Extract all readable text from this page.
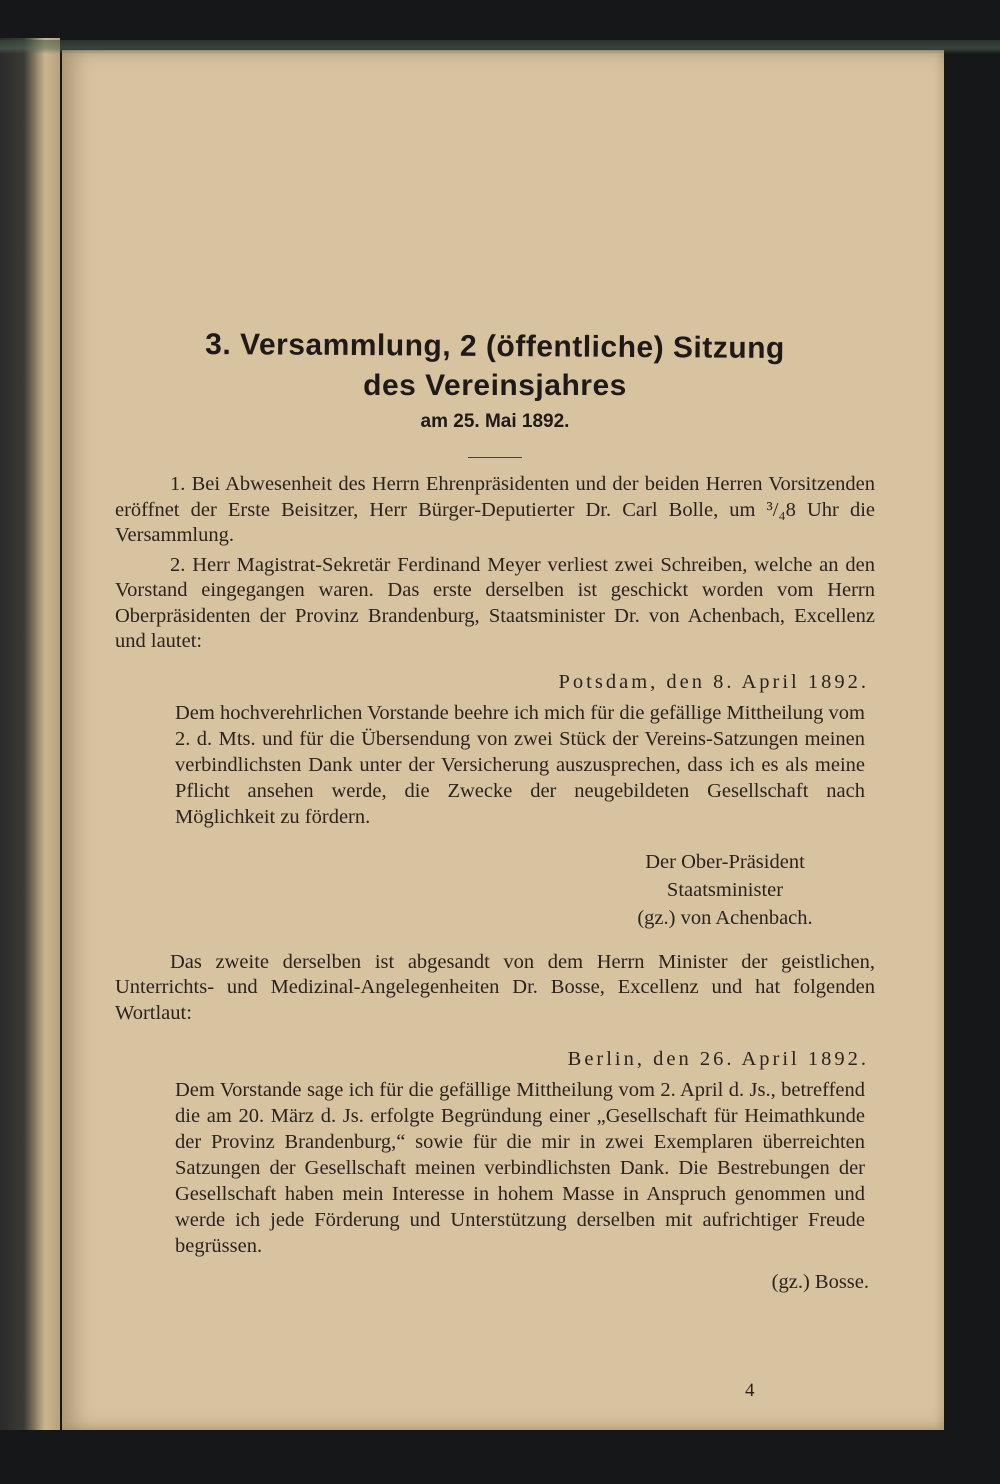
3. Versammlung, 2 (öffentliche) Sitzung
des Vereinsjahres
am 25. Mai 1892.

1. Bei Abwesenheit des Herrn Ehrenpräsidenten und der beiden Herren Vorsitzenden eröffnet der Erste Beisitzer, Herr Bürger-Deputierter Dr. Carl Bolle, um ³/₄8 Uhr die Versammlung.

2. Herr Magistrat-Sekretär Ferdinand Meyer verliest zwei Schreiben, welche an den Vorstand eingegangen waren. Das erste derselben ist geschickt worden vom Herrn Oberpräsidenten der Provinz Brandenburg, Staatsminister Dr. von Achenbach, Excellenz und lautet:

Potsdam, den 8. April 1892.

Dem hochverehrlichen Vorstande beehre ich mich für die gefällige Mittheilung vom 2. d. Mts. und für die Übersendung von zwei Stück der Vereins-Satzungen meinen verbindlichsten Dank unter der Versicherung auszusprechen, dass ich es als meine Pflicht ansehen werde, die Zwecke der neugebildeten Gesellschaft nach Möglichkeit zu fördern.

Der Ober-Präsident
Staatsminister
(gz.) von Achenbach.

Das zweite derselben ist abgesandt von dem Herrn Minister der geistlichen, Unterrichts- und Medizinal-Angelegenheiten Dr. Bosse, Excellenz und hat folgenden Wortlaut:

Berlin, den 26. April 1892.

Dem Vorstande sage ich für die gefällige Mittheilung vom 2. April d. Js., betreffend die am 20. März d. Js. erfolgte Begründung einer „Gesellschaft für Heimathkunde der Provinz Brandenburg,“ sowie für die mir in zwei Exemplaren überreichten Satzungen der Gesellschaft meinen verbindlichsten Dank. Die Bestrebungen der Gesellschaft haben mein Interesse in hohem Masse in Anspruch genommen und werde ich jede Förderung und Unterstützung derselben mit aufrichtiger Freude begrüssen.

(gz.) Bosse.
4
